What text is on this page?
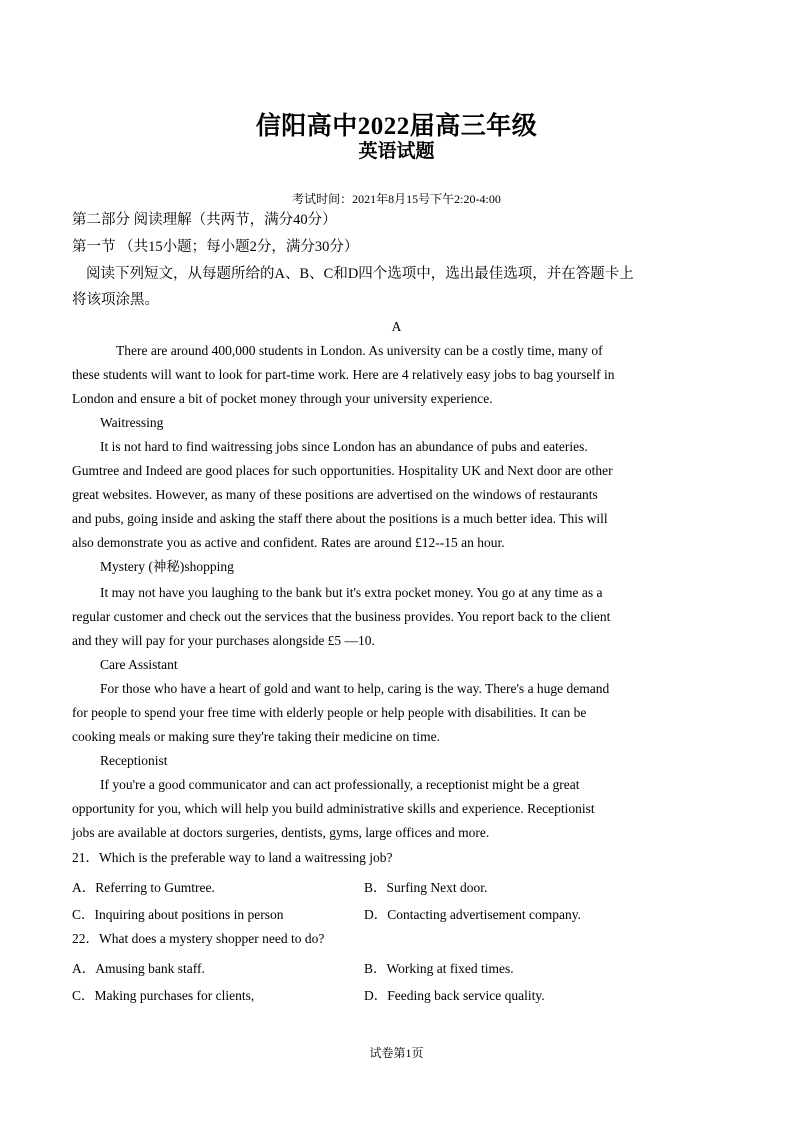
信阳高中2022届高三年级
英语试题
考试时间：2021年8月15号下午2:20-4:00
第二部分 阅读理解（共两节，满分40分）
第一节 （共15小题；每小题2分，满分30分）
阅读下列短文，从每题所给的A、B、C和D四个选项中，选出最佳选项，并在答题卡上
将该项涂黑。
A
There are around 400,000 students in London. As university can be a costly time, many of
these students will want to look for part-time work. Here are 4 relatively easy jobs to bag yourself in
London and ensure a bit of pocket money through your university experience.
Waitressing
It is not hard to find waitressing jobs since London has an abundance of pubs and eateries.
Gumtree and Indeed are good places for such opportunities. Hospitality UK and Next door are other
great websites. However, as many of these positions are advertised on the windows of restaurants
and pubs, going inside and asking the staff there about the positions is a much better idea. This will
also demonstrate you as active and confident. Rates are around £12--15 an hour.
Mystery (神秘)shopping
It may not have you laughing to the bank but it's extra pocket money. You go at any time as a
regular customer and check out the services that the business provides. You report back to the client
and they will pay for your purchases alongside £5 —10.
Care Assistant
For those who have a heart of gold and want to help, caring is the way. There's a huge demand
for people to spend your free time with elderly people or help people with disabilities. It can be
cooking meals or making sure they're taking their medicine on time.
Receptionist
If you're a good communicator and can act professionally, a receptionist might be a great
opportunity for you, which will help you build administrative skills and experience. Receptionist
jobs are available at doctors surgeries, dentists, gyms, large offices and more.
21．Which is the preferable way to land a waitressing job?
A．Referring to Gumtree.	B．Surfing Next door.
C．Inquiring about positions in person	D．Contacting advertisement company.
22．What does a mystery shopper need to do?
A．Amusing bank staff.	B．Working at fixed times.
C．Making purchases for clients,	D．Feeding back service quality.
试卷第1页
